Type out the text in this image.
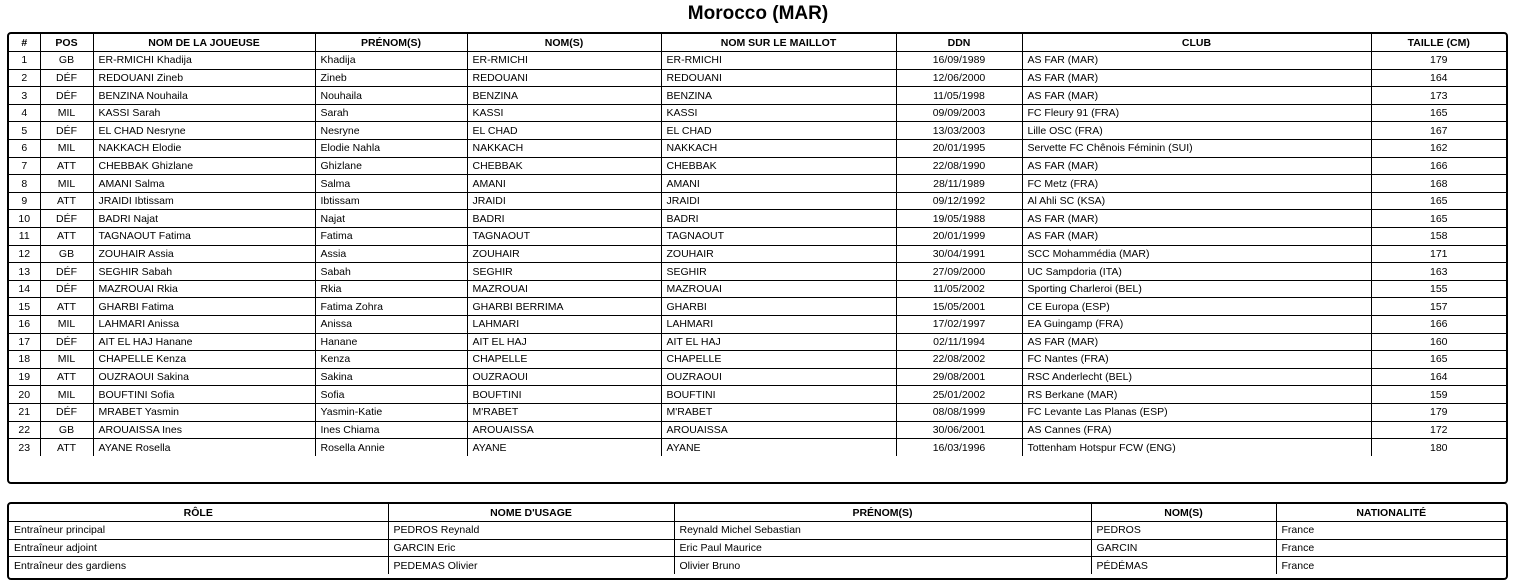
Morocco (MAR)
#	POS	NOM DE LA JOUEUSE	PRÉNOM(S)	NOM(S)	NOM SUR LE MAILLOT	DDN	CLUB	TAILLE (CM)
1	GB	ER-RMICHI Khadija	Khadija	ER-RMICHI	ER-RMICHI	16/09/1989	AS FAR (MAR)	179
2	DÉF	REDOUANI Zineb	Zineb	REDOUANI	REDOUANI	12/06/2000	AS FAR (MAR)	164
3	DÉF	BENZINA Nouhaila	Nouhaila	BENZINA	BENZINA	11/05/1998	AS FAR (MAR)	173
4	MIL	KASSI Sarah	Sarah	KASSI	KASSI	09/09/2003	FC Fleury 91 (FRA)	165
5	DÉF	EL CHAD Nesryne	Nesryne	EL CHAD	EL CHAD	13/03/2003	Lille OSC (FRA)	167
6	MIL	NAKKACH Elodie	Elodie Nahla	NAKKACH	NAKKACH	20/01/1995	Servette FC Chênois Féminin (SUI)	162
7	ATT	CHEBBAK Ghizlane	Ghizlane	CHEBBAK	CHEBBAK	22/08/1990	AS FAR (MAR)	166
8	MIL	AMANI Salma	Salma	AMANI	AMANI	28/11/1989	FC Metz (FRA)	168
9	ATT	JRAIDI Ibtissam	Ibtissam	JRAIDI	JRAIDI	09/12/1992	Al Ahli SC (KSA)	165
10	DÉF	BADRI Najat	Najat	BADRI	BADRI	19/05/1988	AS FAR (MAR)	165
11	ATT	TAGNAOUT Fatima	Fatima	TAGNAOUT	TAGNAOUT	20/01/1999	AS FAR (MAR)	158
12	GB	ZOUHAIR Assia	Assia	ZOUHAIR	ZOUHAIR	30/04/1991	SCC Mohammédia (MAR)	171
13	DÉF	SEGHIR Sabah	Sabah	SEGHIR	SEGHIR	27/09/2000	UC Sampdoria (ITA)	163
14	DÉF	MAZROUAI Rkia	Rkia	MAZROUAI	MAZROUAI	11/05/2002	Sporting Charleroi (BEL)	155
15	ATT	GHARBI Fatima	Fatima Zohra	GHARBI BERRIMA	GHARBI	15/05/2001	CE Europa (ESP)	157
16	MIL	LAHMARI Anissa	Anissa	LAHMARI	LAHMARI	17/02/1997	EA Guingamp (FRA)	166
17	DÉF	AIT EL HAJ Hanane	Hanane	AIT EL HAJ	AIT EL HAJ	02/11/1994	AS FAR (MAR)	160
18	MIL	CHAPELLE Kenza	Kenza	CHAPELLE	CHAPELLE	22/08/2002	FC Nantes (FRA)	165
19	ATT	OUZRAOUI Sakina	Sakina	OUZRAOUI	OUZRAOUI	29/08/2001	RSC Anderlecht (BEL)	164
20	MIL	BOUFTINI Sofia	Sofia	BOUFTINI	BOUFTINI	25/01/2002	RS Berkane (MAR)	159
21	DÉF	MRABET Yasmin	Yasmin-Katie	M'RABET	M'RABET	08/08/1999	FC Levante Las Planas (ESP)	179
22	GB	AROUAISSA Ines	Ines Chiama	AROUAISSA	AROUAISSA	30/06/2001	AS Cannes (FRA)	172
23	ATT	AYANE Rosella	Rosella Annie	AYANE	AYANE	16/03/1996	Tottenham Hotspur FCW (ENG)	180
RÔLE	NOME D'USAGE	PRÉNOM(S)	NOM(S)	NATIONALITÉ
Entraîneur principal	PEDROS Reynald	Reynald Michel Sebastian	PEDROS	France
Entraîneur adjoint	GARCIN Eric	Eric Paul Maurice	GARCIN	France
Entraîneur des gardiens	PEDEMAS Olivier	Olivier Bruno	PÉDÉMAS	France
